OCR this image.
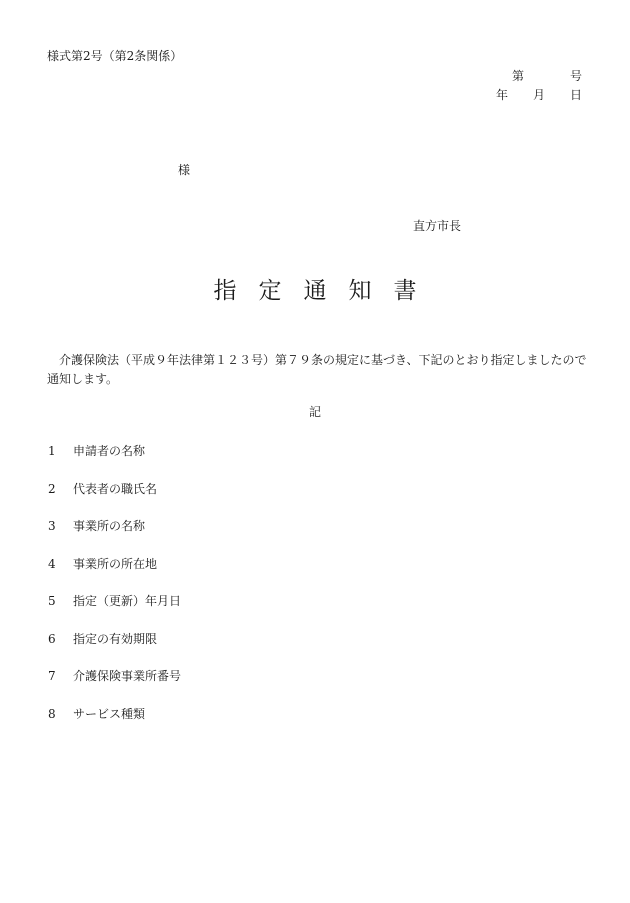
様式第2号（第2条関係）
第	号
年 月 日
様
直方市長
指定通知書
介護保険法（平成９年法律第１２３号）第７９条の規定に基づき、下記のとおり指定しましたので通知します。
記
1 申請者の名称
2 代表者の職氏名
3 事業所の名称
4 事業所の所在地
5 指定（更新）年月日
6 指定の有効期限
7 介護保険事業所番号
8 サービス種類
